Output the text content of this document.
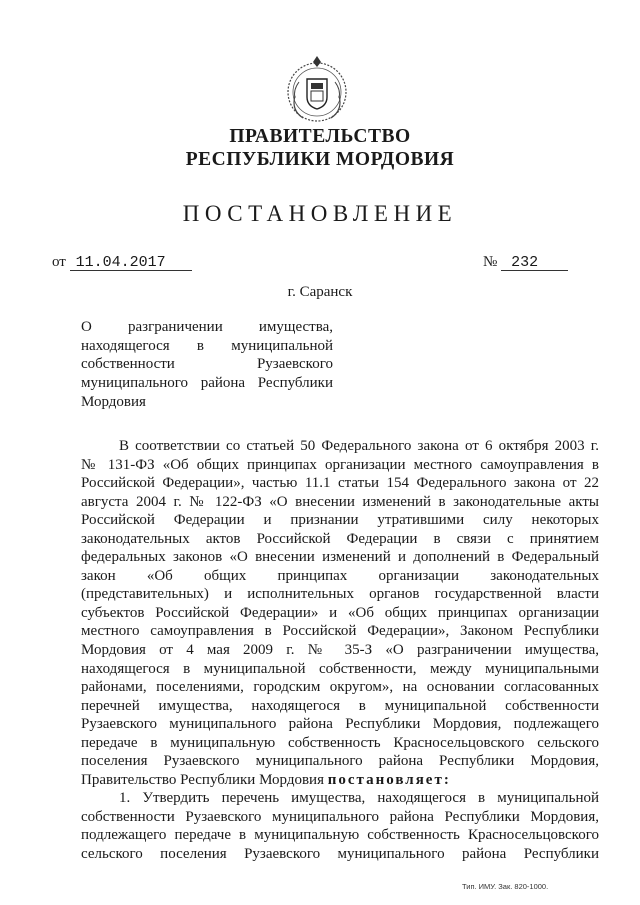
ПРАВИТЕЛЬСТВО
РЕСПУБЛИКИ МОРДОВИЯ
ПОСТАНОВЛЕНИЕ
от 11.04.2017	№ 232
г. Саранск
О разграничении имущества,
находящегося в муниципальной
собственности Рузаевского
муниципального района Республики
Мордовия
В соответствии со статьей 50 Федерального закона от 6 октября 2003 г.
№ 131-ФЗ «Об общих принципах организации местного самоуправления в
Российской Федерации», частью 11.1 статьи 154 Федерального закона от 22
августа 2004 г. № 122-ФЗ «О внесении изменений в законодательные акты
Российской Федерации и признании утратившими силу некоторых
законодательных актов Российской Федерации в связи с принятием
федеральных законов «О внесении изменений и дополнений в Федеральный
закон «Об общих принципах организации законодательных
(представительных) и исполнительных органов государственной власти
субъектов Российской Федерации» и «Об общих принципах организации
местного самоуправления в Российской Федерации», Законом Республики
Мордовия от 4 мая 2009 г. № 35-З «О разграничении имущества,
находящегося в муниципальной собственности, между муниципальными
районами, поселениями, городским округом», на основании согласованных
перечней имущества, находящегося в муниципальной собственности
Рузаевского муниципального района Республики Мордовия, подлежащего
передаче в муниципальную собственность Красносельцовского сельского
поселения Рузаевского муниципального района Республики Мордовия,
Правительство Республики Мордовия постановляет:
1. Утвердить перечень имущества, находящегося в муниципальной
собственности Рузаевского муниципального района Республики Мордовия,
подлежащего передаче в муниципальную собственность Красносельцовского
сельского поселения Рузаевского муниципального района Республики
Тип. ИМУ. Зак. 820-1000.
